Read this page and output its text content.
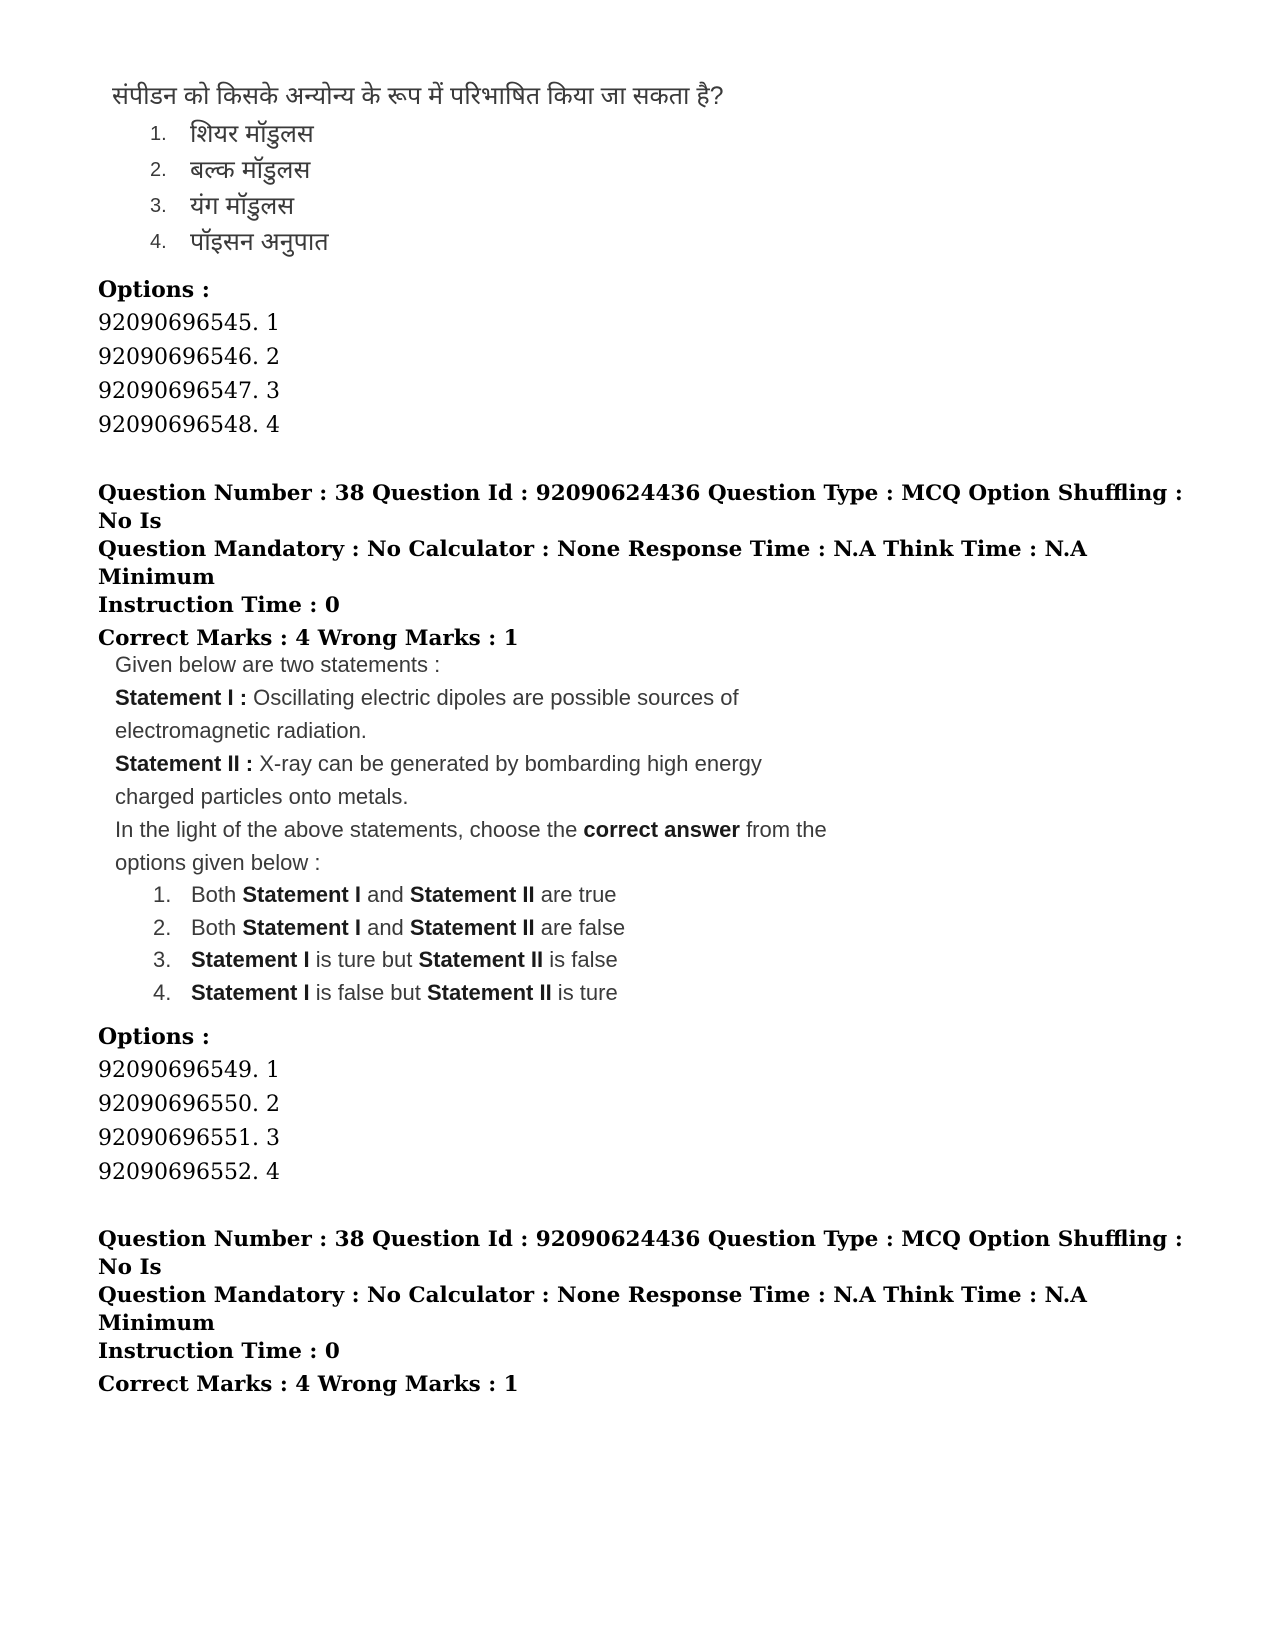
संपीडन को किसके अन्योन्य के रूप में परिभाषित किया जा सकता है?

1. शियर मॉडुलस
2. बल्क मॉडुलस
3. यंग मॉडुलस
4. पॉइसन अनुपात
Options :
92090696545. 1
92090696546. 2
92090696547. 3
92090696548. 4

Question Number : 38 Question Id : 92090624436 Question Type : MCQ Option Shuffling : No Is

Question Mandatory : No Calculator : None Response Time : N.A Think Time : N.A Minimum

Instruction Time : 0

Correct Marks : 4 Wrong Marks : 1

Given below are two statements :

Statement I : Oscillating electric dipoles are possible sources of

electromagnetic radiation.

Statement II : X-ray can be generated by bombarding high energy

charged particles onto metals.

In the light of the above statements, choose the correct answer from the

options given below :

1. Both Statement I and Statement II are true
2. Both Statement I and Statement II are false
3. Statement I is ture but Statement II is false
4. Statement I is false but Statement II is ture
Options :
92090696549. 1
92090696550. 2
92090696551. 3
92090696552. 4

Question Number : 38 Question Id : 92090624436 Question Type : MCQ Option Shuffling : No Is

Question Mandatory : No Calculator : None Response Time : N.A Think Time : N.A Minimum

Instruction Time : 0

Correct Marks : 4 Wrong Marks : 1
